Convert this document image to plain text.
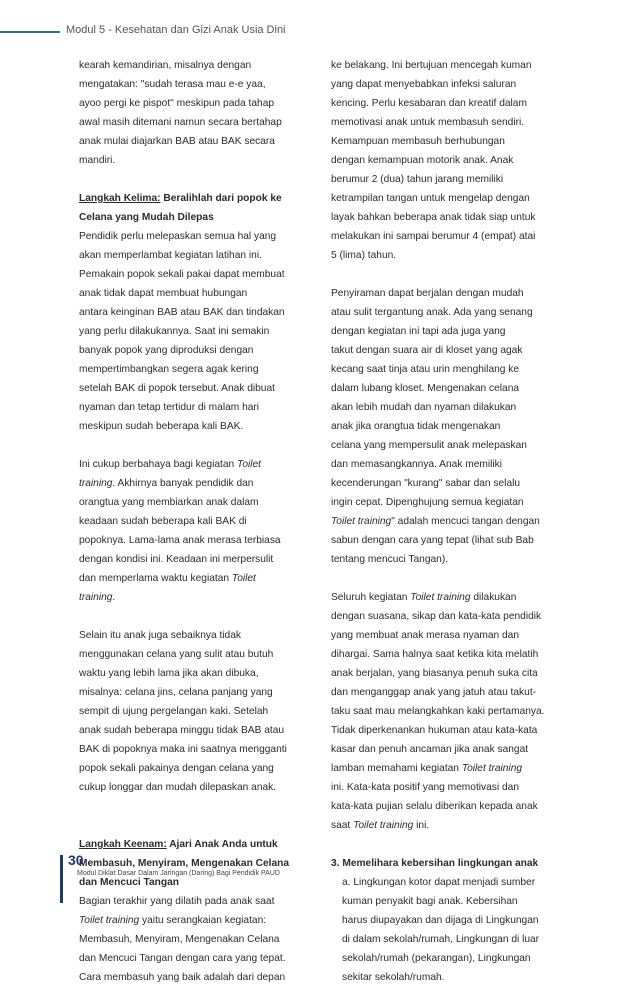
Modul 5 - Kesehatan dan Gizi Anak Usia Dini
kearah kemandirian, misalnya dengan
mengatakan: "sudah terasa mau e-e yaa,
ayoo pergi ke pispot" meskipun pada tahap
awal masih ditemani namun secara bertahap
anak mulai diajarkan BAB atau BAK secara
mandiri.
Langkah Kelima: Beralihlah dari popok ke
Celana yang Mudah Dilepas
Pendidik perlu melepaskan semua hal yang
akan memperlambat kegiatan latihan ini.
Pemakain popok sekali pakai dapat membuat
anak tidak dapat membuat hubungan
antara keinginan BAB atau BAK dan tindakan
yang perlu dilakukannya. Saat ini semakin
banyak popok yang diproduksi dengan
mempertimbangkan segera agak kering
setelah BAK di popok tersebut. Anak dibuat
nyaman dan tetap tertidur di malam hari
meskipun sudah beberapa kali BAK.
Ini cukup berbahaya bagi kegiatan Toilet
training. Akhirnya banyak pendidik dan
orangtua yang membiarkan anak dalam
keadaan sudah beberapa kali BAK di
popoknya. Lama-lama anak merasa terbiasa
dengan kondisi ini. Keadaan ini merpersulit
dan memperlama waktu kegiatan Toilet
training.
Selain itu anak juga sebaiknya tidak
menggunakan celana yang sulit atau butuh
waktu yang lebih lama jika akan dibuka,
misalnya: celana jins, celana panjang yang
sempit di ujung pergelangan kaki. Setelah
anak sudah beberapa minggu tidak BAB atau
BAK di popoknya maka ini saatnya mengganti
popok sekali pakainya dengan celana yang
cukup longgar dan mudah dilepaskan anak.
Langkah Keenam: Ajari Anak Anda untuk
Membasuh, Menyiram, Mengenakan Celana
dan Mencuci Tangan
Bagian terakhir yang dilatih pada anak saat
Toilet training yaitu serangkaian kegiatan:
Membasuh, Menyiram, Mengenakan Celana
dan Mencuci Tangan dengan cara yang tepat.
Cara membasuh yang baik adalah dari depan
ke belakang. Ini bertujuan mencegah kuman
yang dapat menyebabkan infeksi saluran
kencing. Perlu kesabaran dan kreatif dalam
memotivasi anak untuk membasuh sendiri.
Kemampuan membasuh berhubungan
dengan kemampuan motorik anak. Anak
berumur 2 (dua) tahun jarang memiliki
ketrampilan tangan untuk mengelap dengan
layak bahkan beberapa anak tidak siap untuk
melakukan ini sampai berumur 4 (empat) atai
5 (lima) tahun.
Penyiraman dapat berjalan dengan mudah
atau sulit tergantung anak. Ada yang senang
dengan kegiatan ini tapi ada juga yang
takut dengan suara air di kloset yang agak
kecang saat tinja atau urin menghilang ke
dalam lubang kloset. Mengenakan celana
akan lebih mudah dan nyaman dilakukan
anak jika orangtua tidak mengenakan
celana yang mempersulit anak melepaskan
dan memasangkannya. Anak memiliki
kecenderungan "kurang" sabar dan selalu
ingin cepat. Dipenghujung semua kegiatan
Toilet training" adalah mencuci tangan dengan
sabun dengan cara yang tepat (lihat sub Bab
tentang mencuci Tangan).
Seluruh kegiatan Toilet training dilakukan
dengan suasana, sikap dan kata-kata pendidik
yang membuat anak merasa nyaman dan
dihargai. Sama halnya saat ketika kita melatih
anak berjalan, yang biasanya penuh suka cita
dan menganggap anak yang jatuh atau takut-
taku saat mau melangkahkan kaki pertamanya.
Tidak diperkenankan hukuman atau kata-kata
kasar dan penuh ancaman jika anak sangat
lamban memahami kegiatan Toilet training
ini. Kata-kata positif yang memotivasi dan
kata-kata pujian selalu diberikan kepada anak
saat Toilet training ini.
3. Memelihara kebersihan lingkungan anak
a. Lingkungan kotor dapat menjadi sumber
kuman penyakit bagi anak. Kebersihan
harus diupayakan dan dijaga di Lingkungan
di dalam sekolah/rumah, Lingkungan di luar
sekolah/rumah (pekarangan), Lingkungan
sekitar sekolah/rumah.
30
Modul Diklat Dasar Dalam Jaringan (Daring) Bagi Pendidik PAUD
